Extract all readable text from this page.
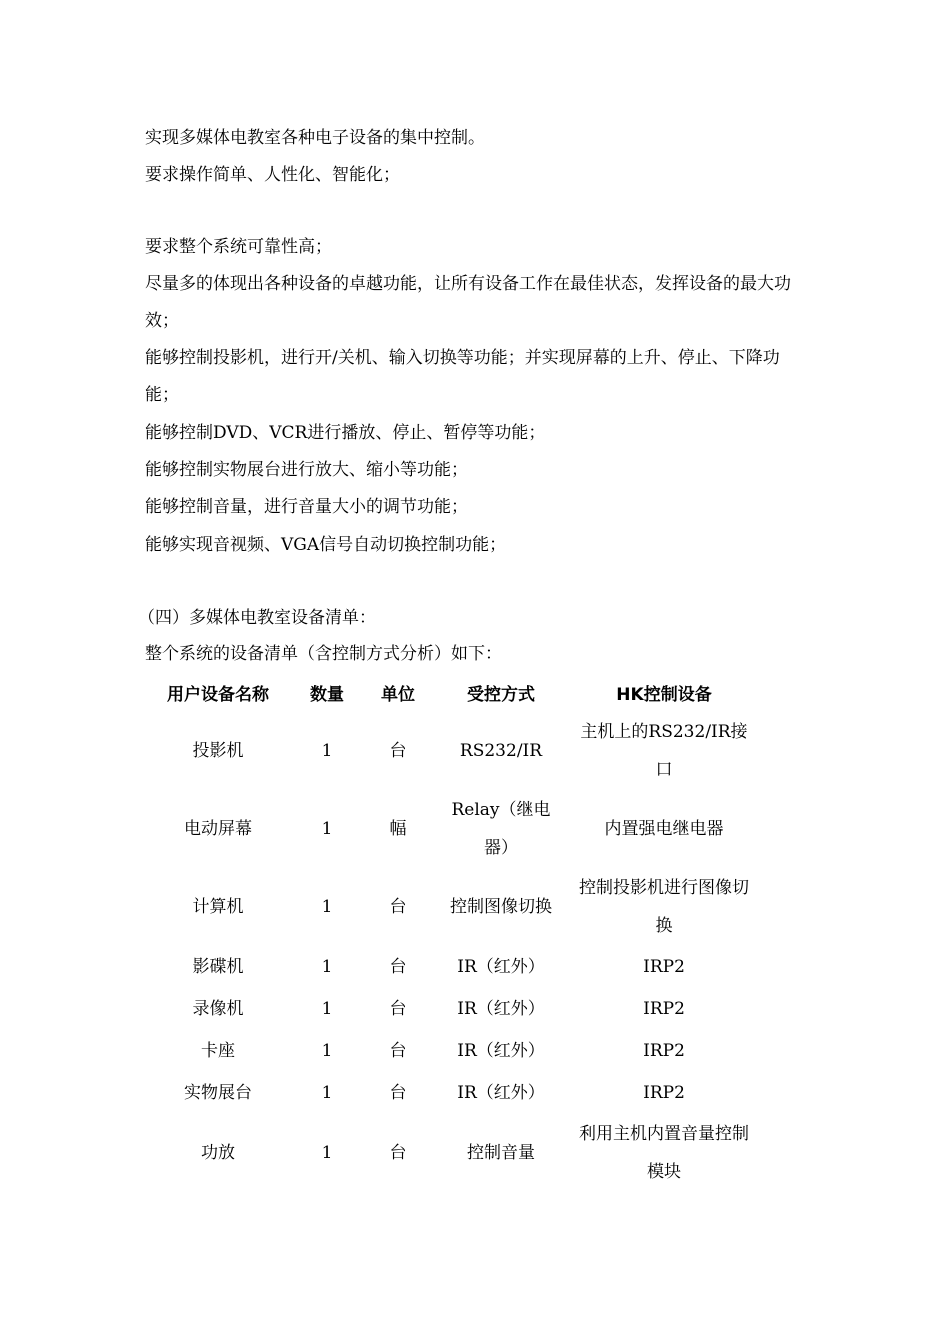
实现多媒体电教室各种电子设备的集中控制。
要求操作简单、人性化、智能化；
要求整个系统可靠性高；
尽量多的体现出各种设备的卓越功能，让所有设备工作在最佳状态，发挥设备的最大功效；
能够控制投影机，进行开/关机、输入切换等功能；并实现屏幕的上升、停止、下降功能；
能够控制DVD、VCR进行播放、停止、暂停等功能；
能够控制实物展台进行放大、缩小等功能；
能够控制音量，进行音量大小的调节功能；
能够实现音视频、VGA信号自动切换控制功能；
（四）多媒体电教室设备清单：
整个系统的设备清单（含控制方式分析）如下：
用户设备名称	数量	单位	受控方式	HK控制设备
投影机	1	台	RS232/IR	主机上的RS232/IR接口
电动屏幕	1	幅	Relay（继电器）	内置强电继电器
计算机	1	台	控制图像切换	控制投影机进行图像切换
影碟机	1	台	IR（红外）	IRP2
录像机	1	台	IR（红外）	IRP2
卡座	1	台	IR（红外）	IRP2
实物展台	1	台	IR（红外）	IRP2
功放	1	台	控制音量	利用主机内置音量控制模块
